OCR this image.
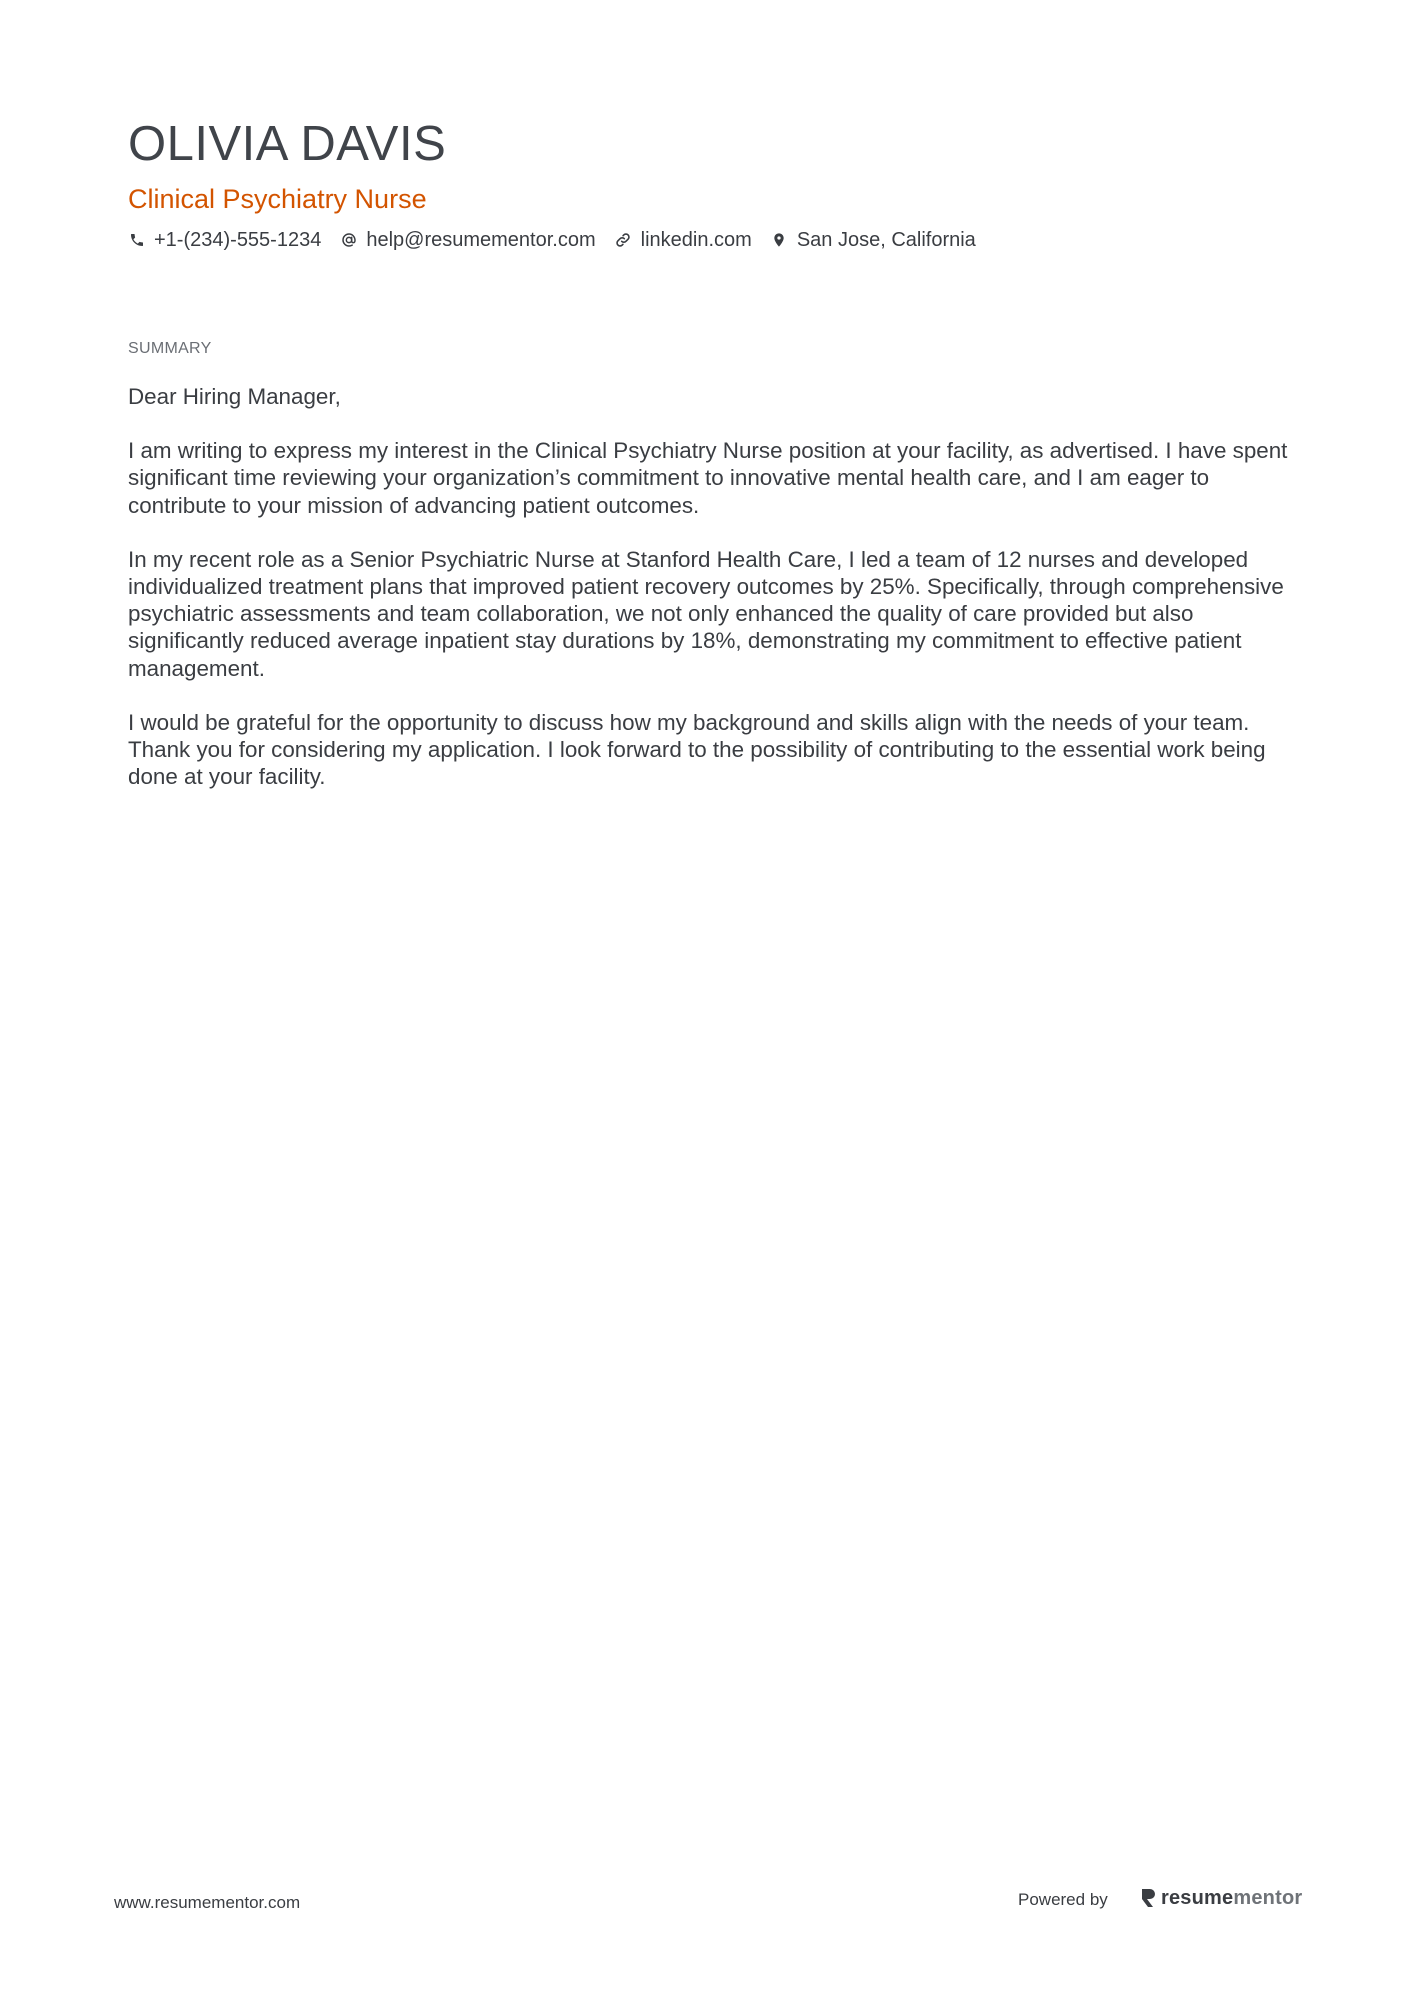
OLIVIA DAVIS
Clinical Psychiatry Nurse
+1-(234)-555-1234 help@resumementor.com linkedin.com San Jose, California
SUMMARY

Dear Hiring Manager,

I am writing to express my interest in the Clinical Psychiatry Nurse position at your facility, as advertised. I have spent significant time reviewing your organization’s commitment to innovative mental health care, and I am eager to contribute to your mission of advancing patient outcomes.

In my recent role as a Senior Psychiatric Nurse at Stanford Health Care, I led a team of 12 nurses and developed individualized treatment plans that improved patient recovery outcomes by 25%. Specifically, through comprehensive psychiatric assessments and team collaboration, we not only enhanced the quality of care provided but also significantly reduced average inpatient stay durations by 18%, demonstrating my commitment to effective patient management.

I would be grateful for the opportunity to discuss how my background and skills align with the needs of your team. Thank you for considering my application. I look forward to the possibility of contributing to the essential work being done at your facility.

www.resumementor.com	Powered by	resumementor
